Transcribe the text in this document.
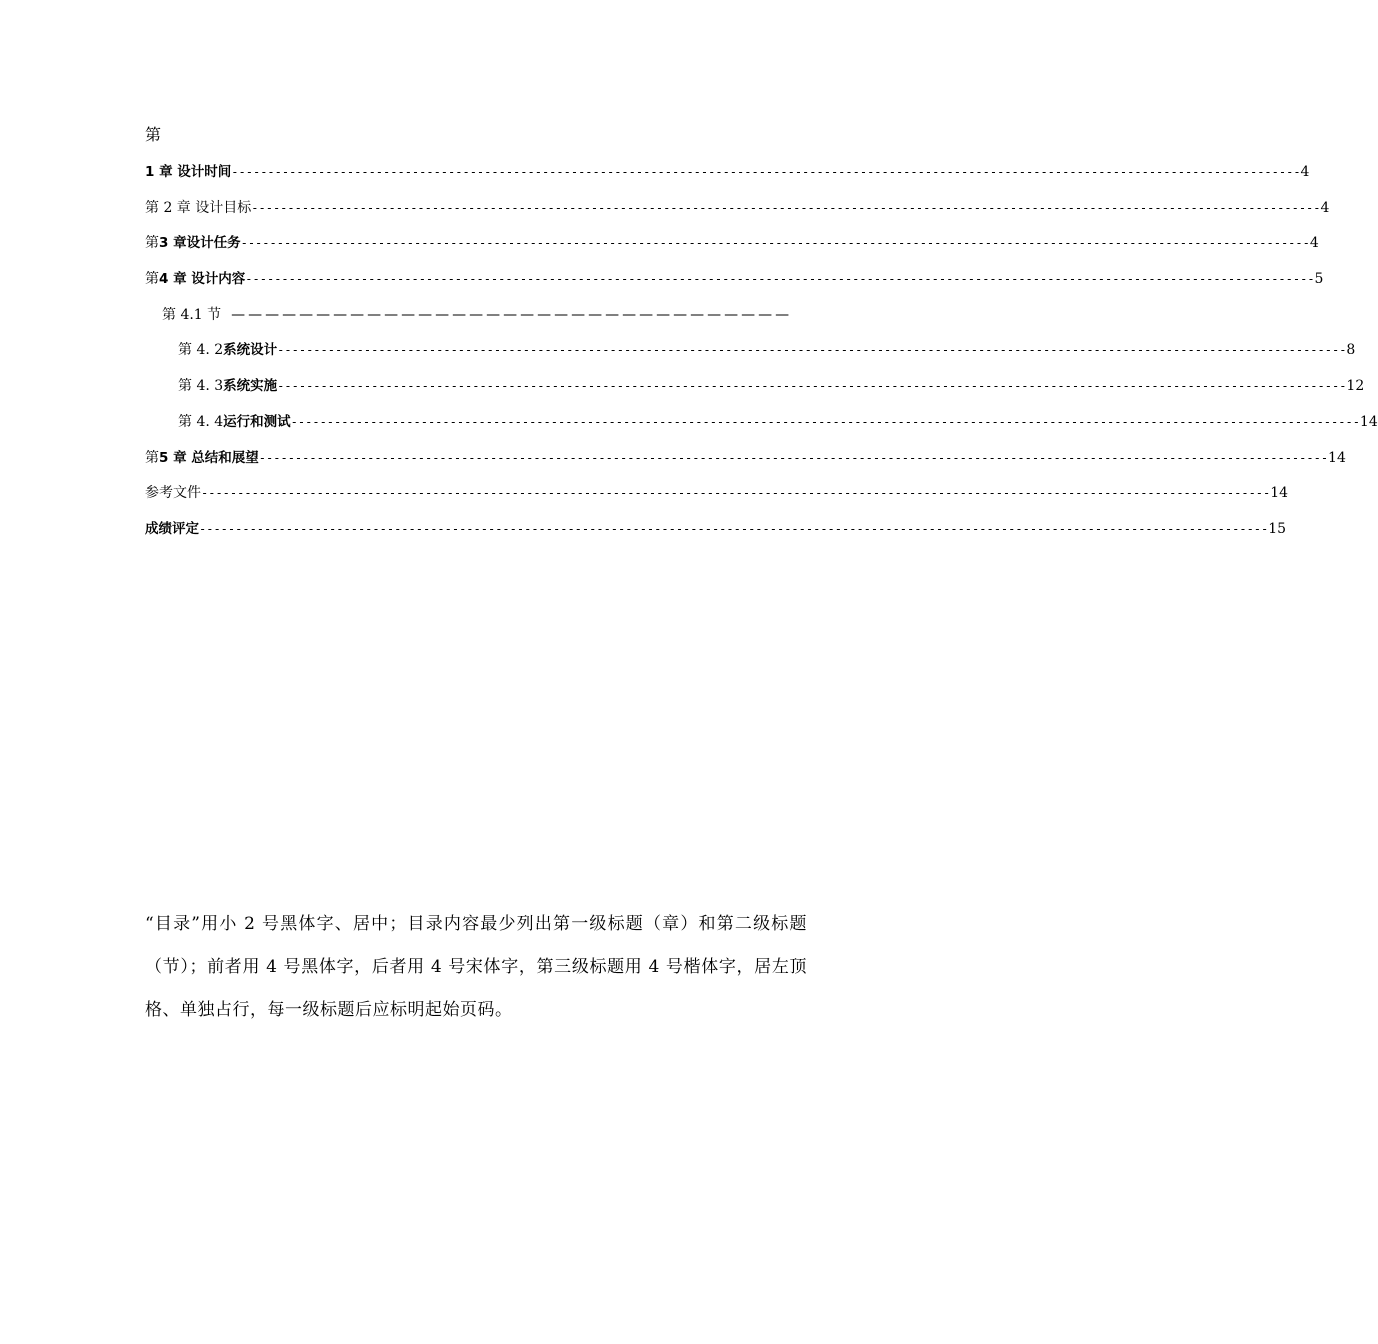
第
1 章 设计时间 ---------------------------------------------------------------------------------------------------------------------------------------------------- 4
第 2 章 设计目标 ---------------------------------------------------------------------------------------------------------------------------------------------------- 4
第 3 章设计任务 ---------------------------------------------------------------------------------------------------------------------------------------------------- 4
第 4 章 设计内容 ---------------------------------------------------------------------------------------------------------------------------------------------------- 5
第 4.1 节 —————————————————————————————————
第 4. 2 系统设计 ---------------------------------------------------------------------------------------------------------------------------------------------------- 8
第 4. 3 系统实施 ---------------------------------------------------------------------------------------------------------------------------------------------------- 12
第 4. 4 运行和测试 ---------------------------------------------------------------------------------------------------------------------------------------------------- 14
第 5 章 总结和展望 ---------------------------------------------------------------------------------------------------------------------------------------------------- 14
参考文件 ---------------------------------------------------------------------------------------------------------------------------------------------------- 14
成绩评定 ---------------------------------------------------------------------------------------------------------------------------------------------------- 15
“目录”用小 2 号黑体字、居中；目录内容最少列出第一级标题（章）和第二级标题（节）；前者用 4 号黑体字，后者用 4 号宋体字，第三级标题用 4 号楷体字，居左顶格、单独占行，每一级标题后应标明起始页码。
